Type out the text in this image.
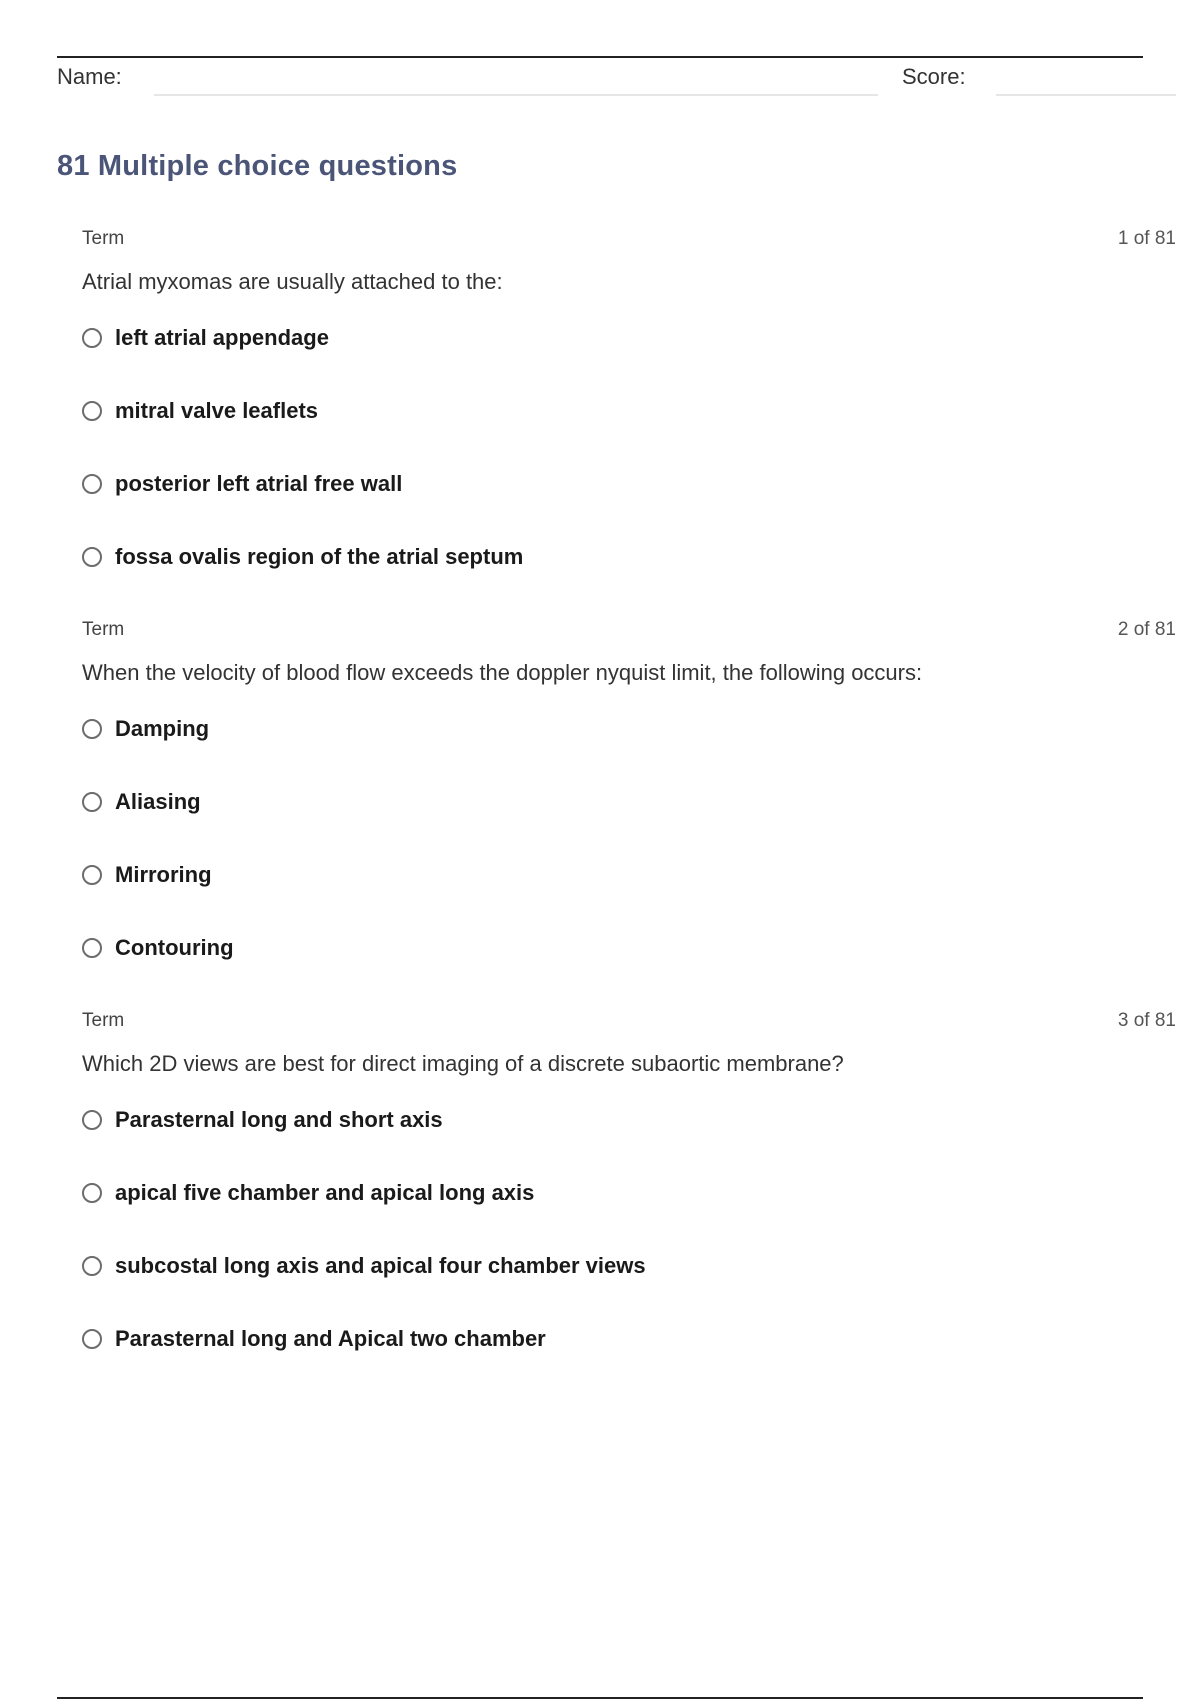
Name:	Score:
81 Multiple choice questions
Term	1 of 81
Atrial myxomas are usually attached to the:
left atrial appendage
mitral valve leaflets
posterior left atrial free wall
fossa ovalis region of the atrial septum
Term	2 of 81
When the velocity of blood flow exceeds the doppler nyquist limit, the following occurs:
Damping
Aliasing
Mirroring
Contouring
Term	3 of 81
Which 2D views are best for direct imaging of a discrete subaortic membrane?
Parasternal long and short axis
apical five chamber and apical long axis
subcostal long axis and apical four chamber views
Parasternal long and Apical two chamber
